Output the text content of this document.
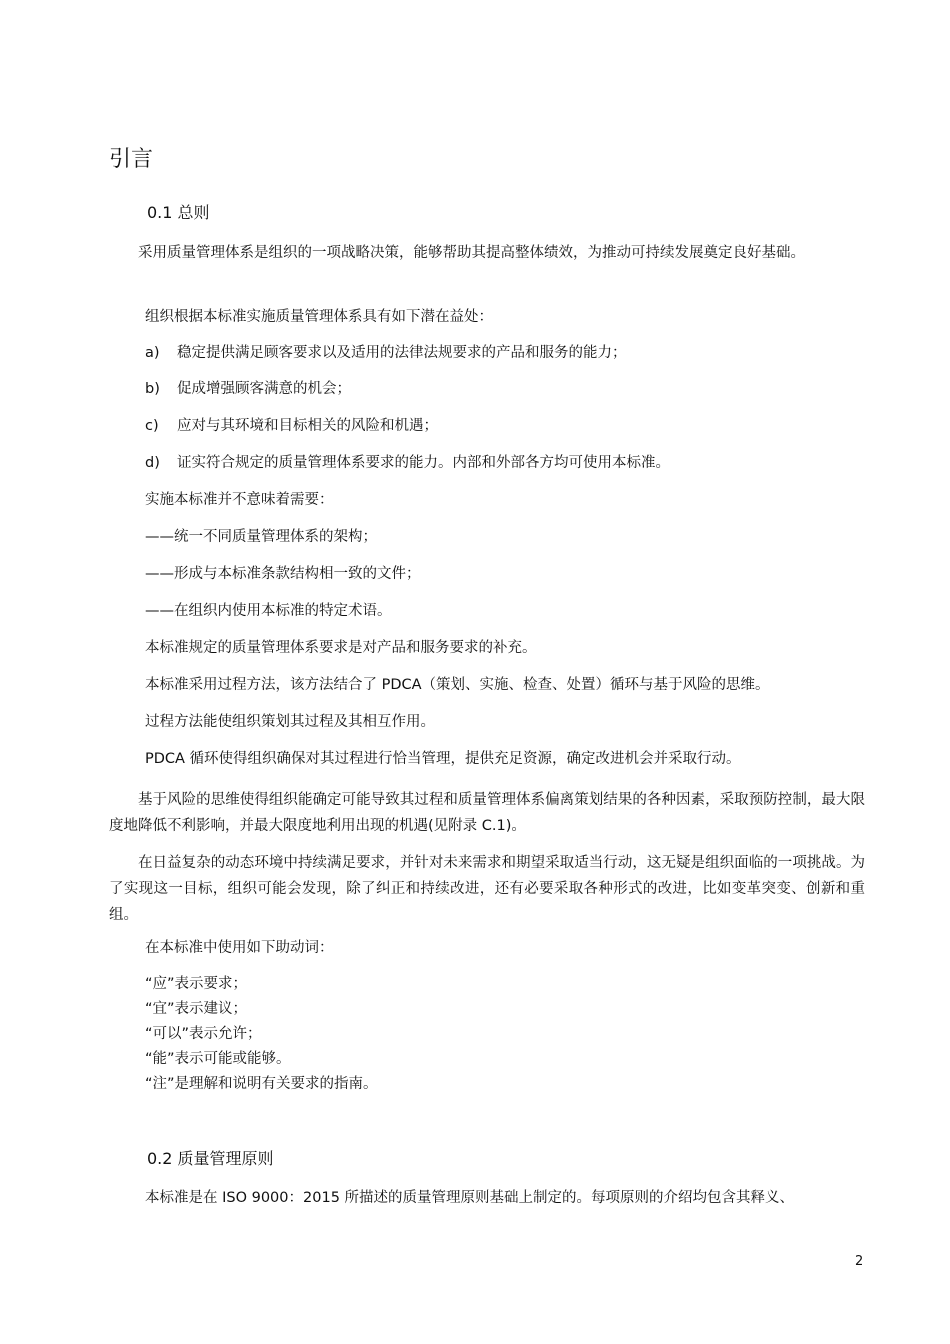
引言
0.1 总则

采用质量管理体系是组织的一项战略决策，能够帮助其提高整体绩效，为推动可持续发展奠定良好基础。

组织根据本标准实施质量管理体系具有如下潜在益处：
a) 稳定提供满足顾客要求以及适用的法律法规要求的产品和服务的能力；
b) 促成增强顾客满意的机会；
c) 应对与其环境和目标相关的风险和机遇；
d) 证实符合规定的质量管理体系要求的能力。内部和外部各方均可使用本标准。
实施本标准并不意味着需要：
——统一不同质量管理体系的架构；
——形成与本标准条款结构相一致的文件；
——在组织内使用本标准的特定术语。
本标准规定的质量管理体系要求是对产品和服务要求的补充。
本标准采用过程方法，该方法结合了 PDCA（策划、实施、检查、处置）循环与基于风险的思维。
过程方法能使组织策划其过程及其相互作用。
PDCA 循环使得组织确保对其过程进行恰当管理，提供充足资源，确定改进机会并采取行动。

基于风险的思维使得组织能确定可能导致其过程和质量管理体系偏离策划结果的各种因素，采取预防控制，最大限度地降低不利影响，并最大限度地利用出现的机遇(见附录 C.1)。

在日益复杂的动态环境中持续满足要求，并针对未来需求和期望采取适当行动，这无疑是组织面临的一项挑战。为了实现这一目标，组织可能会发现，除了纠正和持续改进，还有必要采取各种形式的改进，比如变革突变、创新和重组。

在本标准中使用如下助动词：
“应”表示要求；
“宜”表示建议；
“可以”表示允许；
“能”表示可能或能够。
“注”是理解和说明有关要求的指南。
0.2 质量管理原则
本标准是在 ISO 9000：2015 所描述的质量管理原则基础上制定的。每项原则的介绍均包含其释义、
2
